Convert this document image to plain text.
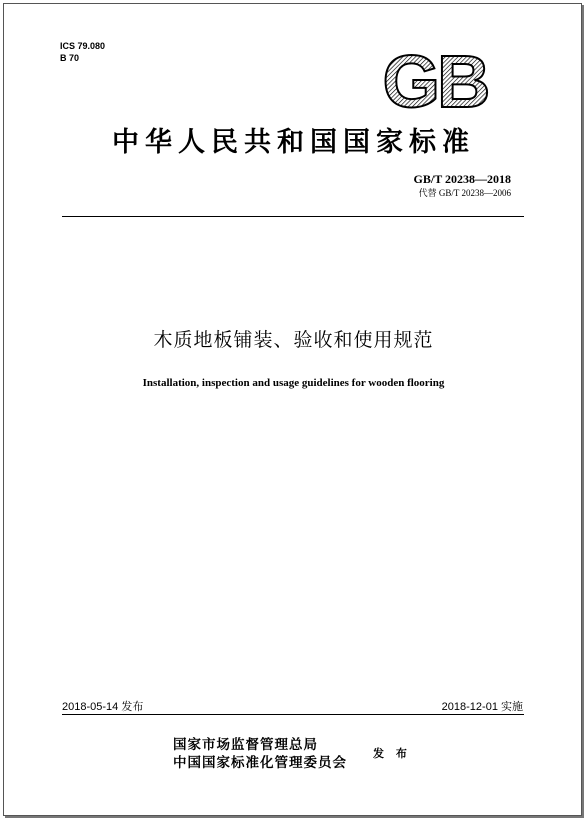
ICS 79.080
B 70	GB
中华人民共和国国家标准
GB/T 20238—2018
代替 GB/T 20238—2006
木质地板铺装、验收和使用规范
Installation, inspection and usage guidelines for wooden flooring
2018-05-14 发布	2018-12-01 实施
国家市场监督管理总局
中国国家标准化管理委员会
发 布
